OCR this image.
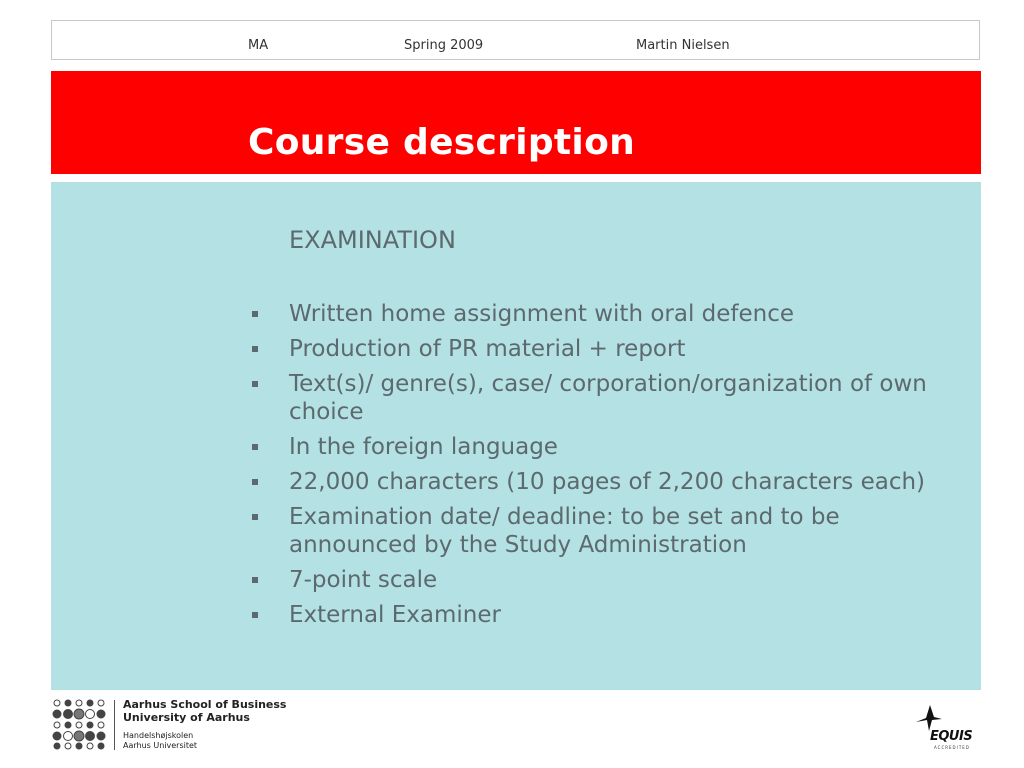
MA	Spring 2009	Martin Nielsen
Course description
EXAMINATION
Written home assignment with oral defence
Production of PR material + report
Text(s)/ genre(s), case/ corporation/organization of own choice
In the foreign language
22,000 characters (10 pages of 2,200 characters each)
Examination date/ deadline: to be set and to be announced by the Study Administration
7-point scale
External Examiner
Aarhus School of Business
University of Aarhus
Handelshøjskolen
Aarhus Universitet
EQUIS
ACCREDITED
